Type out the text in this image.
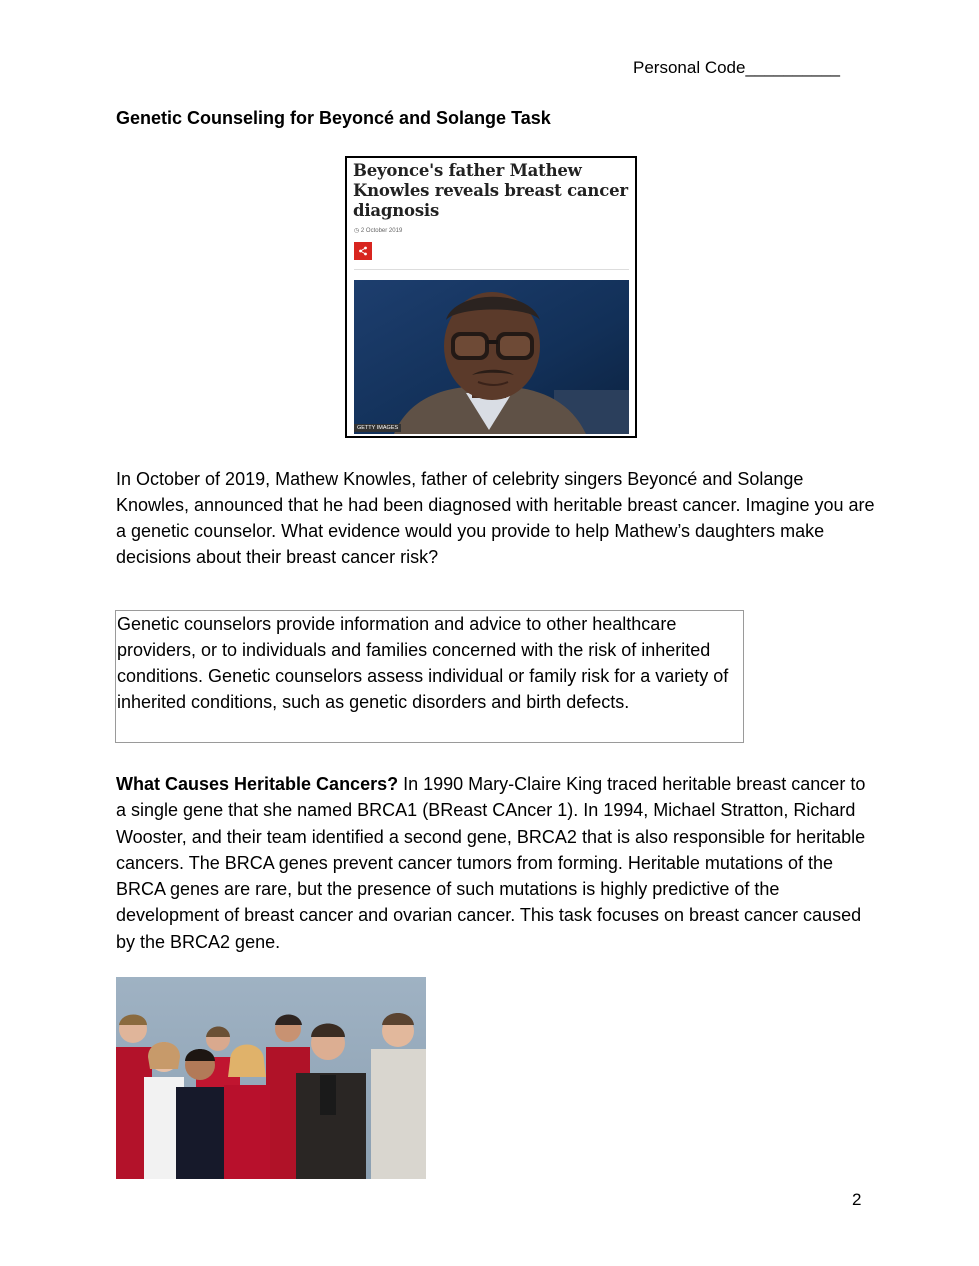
Personal Code__________
Genetic Counseling for Beyoncé and Solange Task
Beyonce's father Mathew Knowles reveals breast cancer diagnosis
◷ 2 October 2019
GETTY IMAGES

In October of 2019, Mathew Knowles, father of celebrity singers Beyoncé and Solange Knowles, announced that he had been diagnosed with heritable breast cancer. Imagine you are a genetic counselor. What evidence would you provide to help Mathew’s daughters make decisions about their breast cancer risk?

Genetic counselors provide information and advice to other healthcare providers, or to individuals and families concerned with the risk of inherited conditions. Genetic counselors assess individual or family risk for a variety of inherited conditions, such as genetic disorders and birth defects.

What Causes Heritable Cancers? In 1990 Mary-Claire King traced heritable breast cancer to a single gene that she named BRCA1 (BReast CAncer 1). In 1994, Michael Stratton, Richard Wooster, and their team identified a second gene, BRCA2 that is also responsible for heritable cancers. The BRCA genes prevent cancer tumors from forming. Heritable mutations of the BRCA genes are rare, but the presence of such mutations is highly predictive of the development of breast cancer and ovarian cancer. This task focuses on breast cancer caused by the BRCA2 gene.

2
